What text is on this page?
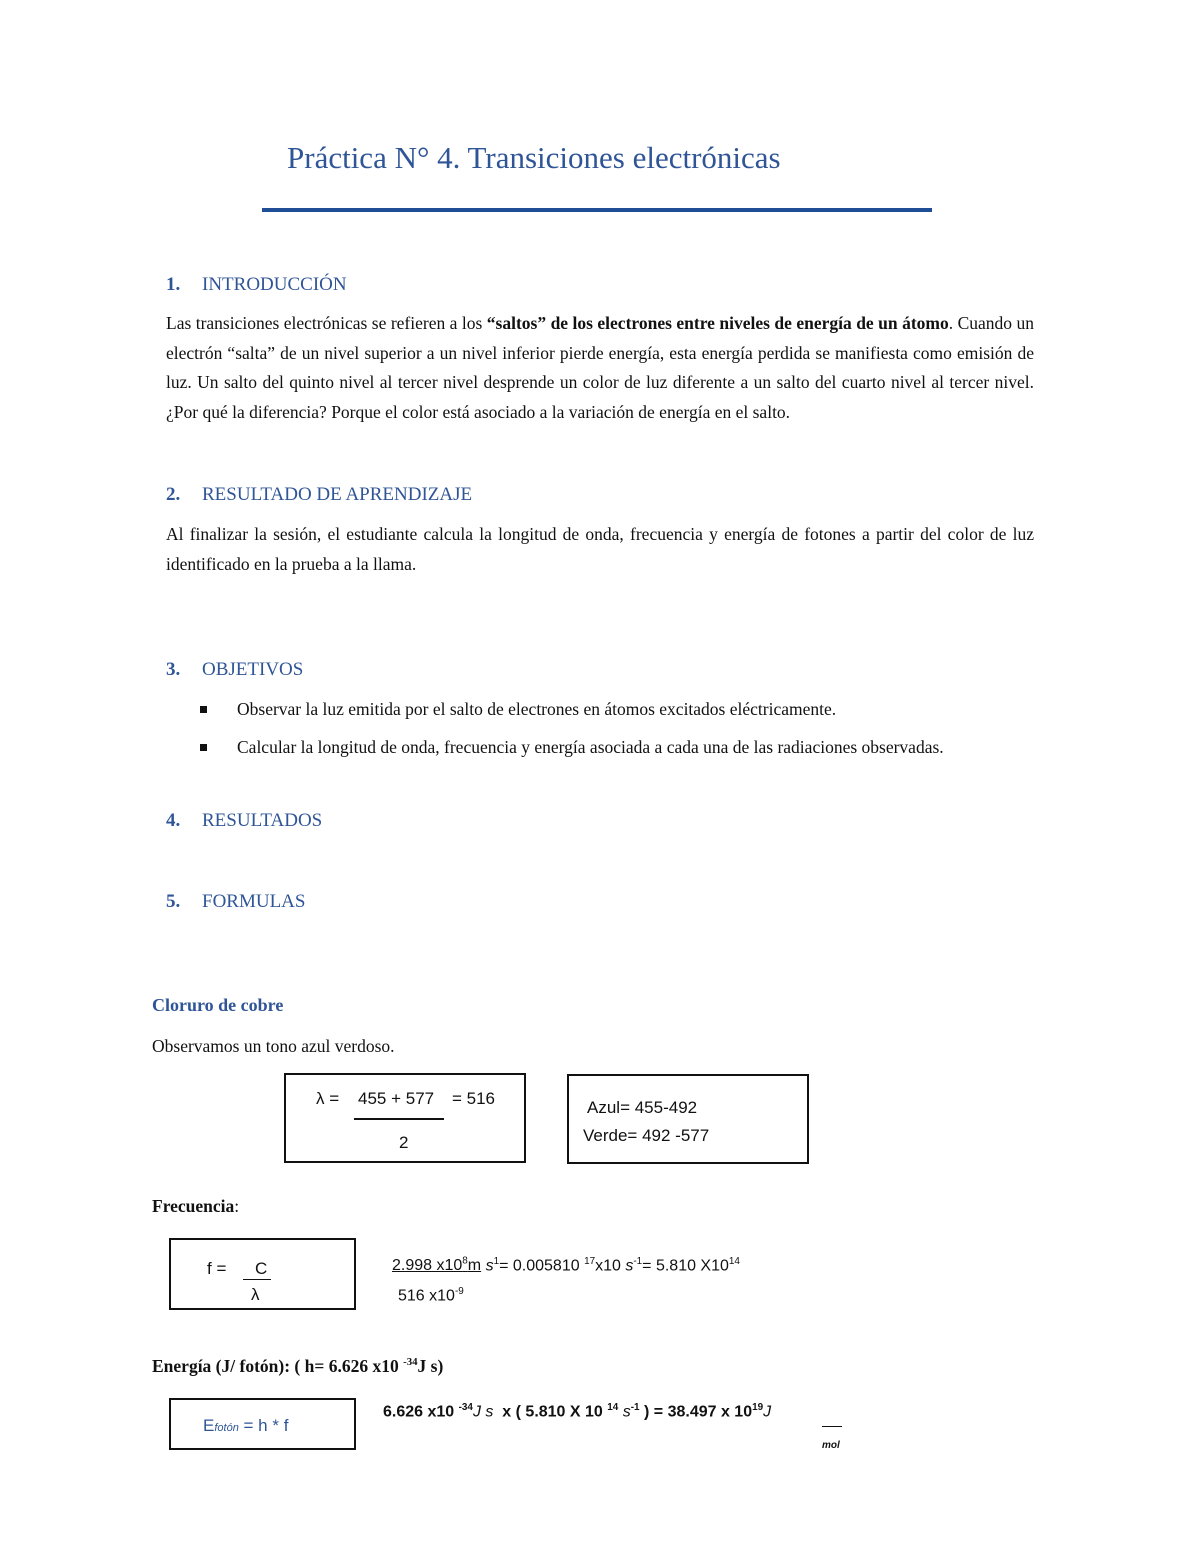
Práctica N° 4. Transiciones electrónicas
1. INTRODUCCIÓN
Las transiciones electrónicas se refieren a los “saltos” de los electrones entre niveles de energía de un átomo. Cuando un electrón “salta” de un nivel superior a un nivel inferior pierde energía, esta energía perdida se manifiesta como emisión de luz. Un salto del quinto nivel al tercer nivel desprende un color de luz diferente a un salto del cuarto nivel al tercer nivel. ¿Por qué la diferencia? Porque el color está asociado a la variación de energía en el salto.
2. RESULTADO DE APRENDIZAJE
Al finalizar la sesión, el estudiante calcula la longitud de onda, frecuencia y energía de fotones a partir del color de luz identificado en la prueba a la llama.
3. OBJETIVOS
Observar la luz emitida por el salto de electrones en átomos excitados eléctricamente.
Calcular la longitud de onda, frecuencia y energía asociada a cada una de las radiaciones observadas.
4. RESULTADOS
5. FORMULAS
Cloruro de cobre
Observamos un tono azul verdoso.
λ = 455 + 577 = 516
2
Azul= 455-492
Verde= 492 -577
Frecuencia:
f =	C
λ
2.998 $x10^8m$ $s^1= 0.005810$ $^{17}$x10 $s^{-1}= 5.810$ $X10^{14}$
516 $x10^{-9}$
Energía (J/ fotón): ( h= 6.626 x10 $^{-34}$J s)
Efotón = h * f
6.626 x10 $^{-34}$J s x ( 5.810 X 10 $^{14}$ $s^{-1}$ ) = 38.497 x $10^{19}J$
mol
